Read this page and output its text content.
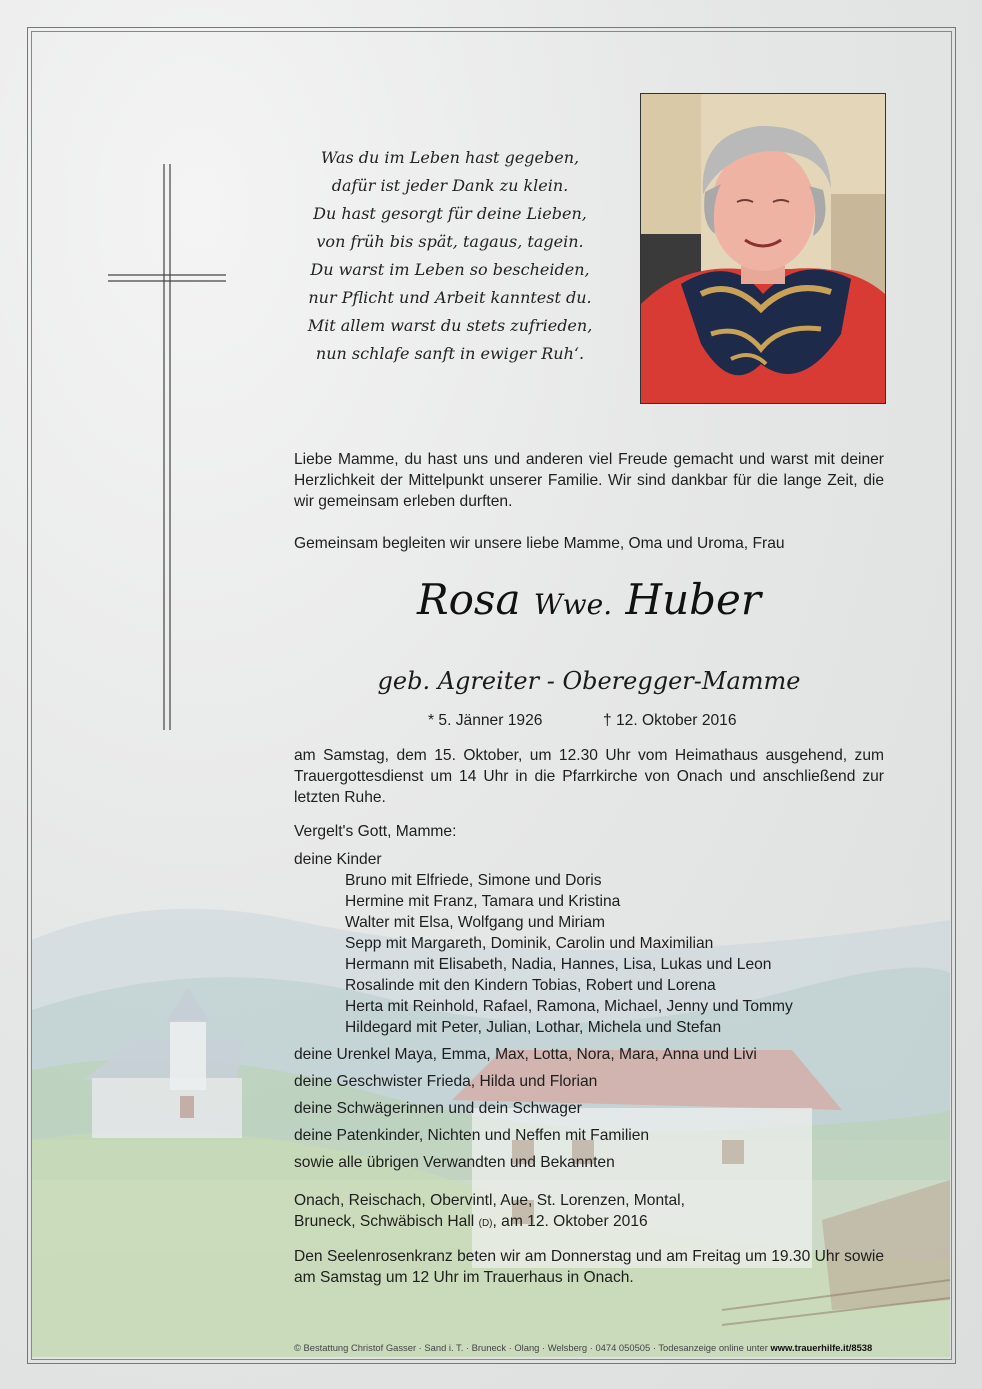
Was du im Leben hast gegeben,
dafür ist jeder Dank zu klein.
Du hast gesorgt für deine Lieben,
von früh bis spät, tagaus, tagein.
Du warst im Leben so bescheiden,
nur Pflicht und Arbeit kanntest du.
Mit allem warst du stets zufrieden,
nun schlafe sanft in ewiger Ruh‘.
Liebe Mamme, du hast uns und anderen viel Freude gemacht und warst mit deiner Herzlichkeit der Mittelpunkt unserer Familie. Wir sind dankbar für die lange Zeit, die wir gemeinsam erleben durften.
Gemeinsam begleiten wir unsere liebe Mamme, Oma und Uroma, Frau
Rosa Wwe. Huber
geb. Agreiter - Oberegger-Mamme
* 5. Jänner 1926	† 12. Oktober 2016
am Samstag, dem 15. Oktober, um 12.30 Uhr vom Heimathaus ausgehend, zum Trauergottesdienst um 14 Uhr in die Pfarrkirche von Onach und anschließend zur letzten Ruhe.
Vergelt's Gott, Mamme:
deine Kinder
Bruno mit Elfriede, Simone und Doris
Hermine mit Franz, Tamara und Kristina
Walter mit Elsa, Wolfgang und Miriam
Sepp mit Margareth, Dominik, Carolin und Maximilian
Hermann mit Elisabeth, Nadia, Hannes, Lisa, Lukas und Leon
Rosalinde mit den Kindern Tobias, Robert und Lorena
Herta mit Reinhold, Rafael, Ramona, Michael, Jenny und Tommy
Hildegard mit Peter, Julian, Lothar, Michela und Stefan
deine Urenkel Maya, Emma, Max, Lotta, Nora, Mara, Anna und Livi
deine Geschwister Frieda, Hilda und Florian
deine Schwägerinnen und dein Schwager
deine Patenkinder, Nichten und Neffen mit Familien
sowie alle übrigen Verwandten und Bekannten
Onach, Reischach, Obervintl, Aue, St. Lorenzen, Montal,
Bruneck, Schwäbisch Hall (D), am 12. Oktober 2016
Den Seelenrosenkranz beten wir am Donnerstag und am Freitag um 19.30 Uhr sowie am Samstag um 12 Uhr im Trauerhaus in Onach.
© Bestattung Christof Gasser · Sand i. T. · Bruneck · Olang · Welsberg · 0474 050505 · Todesanzeige online unter www.trauerhilfe.it/8538
